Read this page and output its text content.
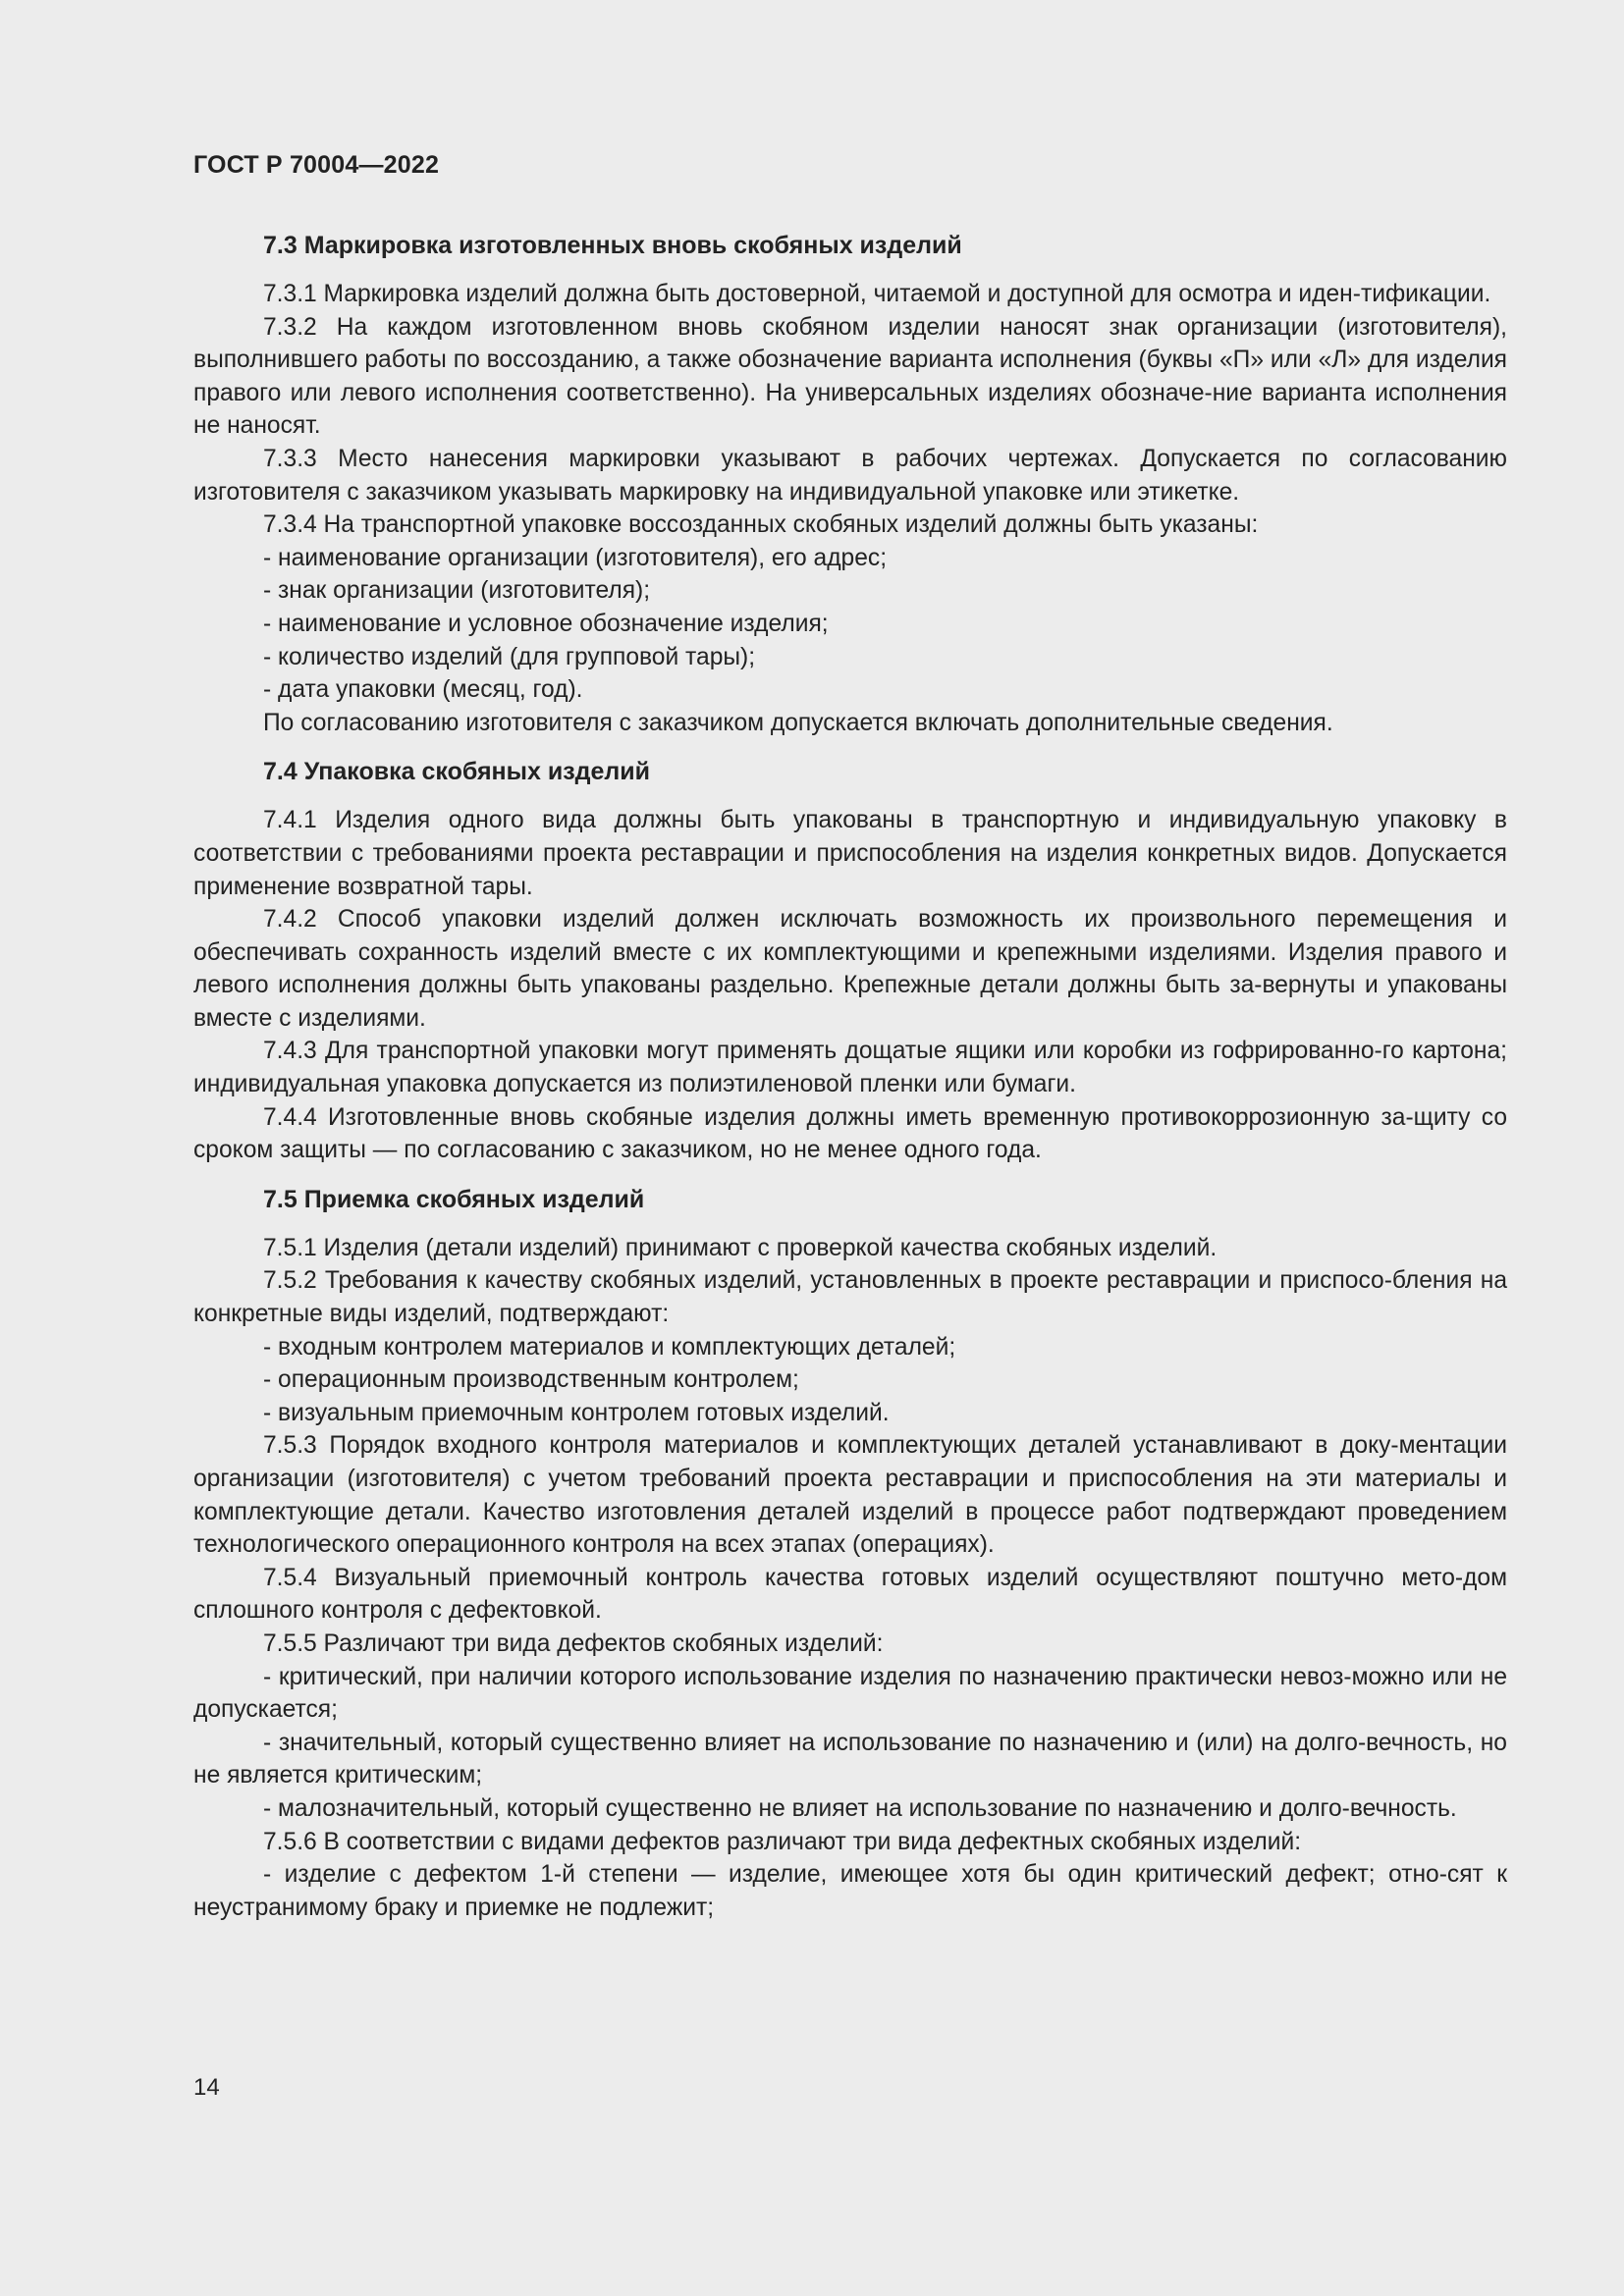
ГОСТ Р 70004—2022
7.3 Маркировка изготовленных вновь скобяных изделий

7.3.1 Маркировка изделий должна быть достоверной, читаемой и доступной для осмотра и иден-тификации.

7.3.2 На каждом изготовленном вновь скобяном изделии наносят знак организации (изготовителя), выполнившего работы по воссозданию, а также обозначение варианта исполнения (буквы «П» или «Л» для изделия правого или левого исполнения соответственно). На универсальных изделиях обозначе-ние варианта исполнения не наносят.

7.3.3 Место нанесения маркировки указывают в рабочих чертежах. Допускается по согласованию изготовителя с заказчиком указывать маркировку на индивидуальной упаковке или этикетке.

7.3.4 На транспортной упаковке воссозданных скобяных изделий должны быть указаны:

- наименование организации (изготовителя), его адрес;

- знак организации (изготовителя);

- наименование и условное обозначение изделия;

- количество изделий (для групповой тары);

- дата упаковки (месяц, год).

По согласованию изготовителя с заказчиком допускается включать дополнительные сведения.

7.4 Упаковка скобяных изделий

7.4.1 Изделия одного вида должны быть упакованы в транспортную и индивидуальную упаковку в соответствии с требованиями проекта реставрации и приспособления на изделия конкретных видов. Допускается применение возвратной тары.

7.4.2 Способ упаковки изделий должен исключать возможность их произвольного перемещения и обеспечивать сохранность изделий вместе с их комплектующими и крепежными изделиями. Изделия правого и левого исполнения должны быть упакованы раздельно. Крепежные детали должны быть за-вернуты и упакованы вместе с изделиями.

7.4.3 Для транспортной упаковки могут применять дощатые ящики или коробки из гофрированно-го картона; индивидуальная упаковка допускается из полиэтиленовой пленки или бумаги.

7.4.4 Изготовленные вновь скобяные изделия должны иметь временную противокоррозионную за-щиту со сроком защиты — по согласованию с заказчиком, но не менее одного года.

7.5 Приемка скобяных изделий

7.5.1 Изделия (детали изделий) принимают с проверкой качества скобяных изделий.

7.5.2 Требования к качеству скобяных изделий, установленных в проекте реставрации и приспосо-бления на конкретные виды изделий, подтверждают:

- входным контролем материалов и комплектующих деталей;

- операционным производственным контролем;

- визуальным приемочным контролем готовых изделий.

7.5.3 Порядок входного контроля материалов и комплектующих деталей устанавливают в доку-ментации организации (изготовителя) с учетом требований проекта реставрации и приспособления на эти материалы и комплектующие детали. Качество изготовления деталей изделий в процессе работ подтверждают проведением технологического операционного контроля на всех этапах (операциях).

7.5.4 Визуальный приемочный контроль качества готовых изделий осуществляют поштучно мето-дом сплошного контроля с дефектовкой.

7.5.5 Различают три вида дефектов скобяных изделий:

- критический, при наличии которого использование изделия по назначению практически невоз-можно или не допускается;

- значительный, который существенно влияет на использование по назначению и (или) на долго-вечность, но не является критическим;

- малозначительный, который существенно не влияет на использование по назначению и долго-вечность.

7.5.6 В соответствии с видами дефектов различают три вида дефектных скобяных изделий:

- изделие с дефектом 1-й степени — изделие, имеющее хотя бы один критический дефект; отно-сят к неустранимому браку и приемке не подлежит;

14
